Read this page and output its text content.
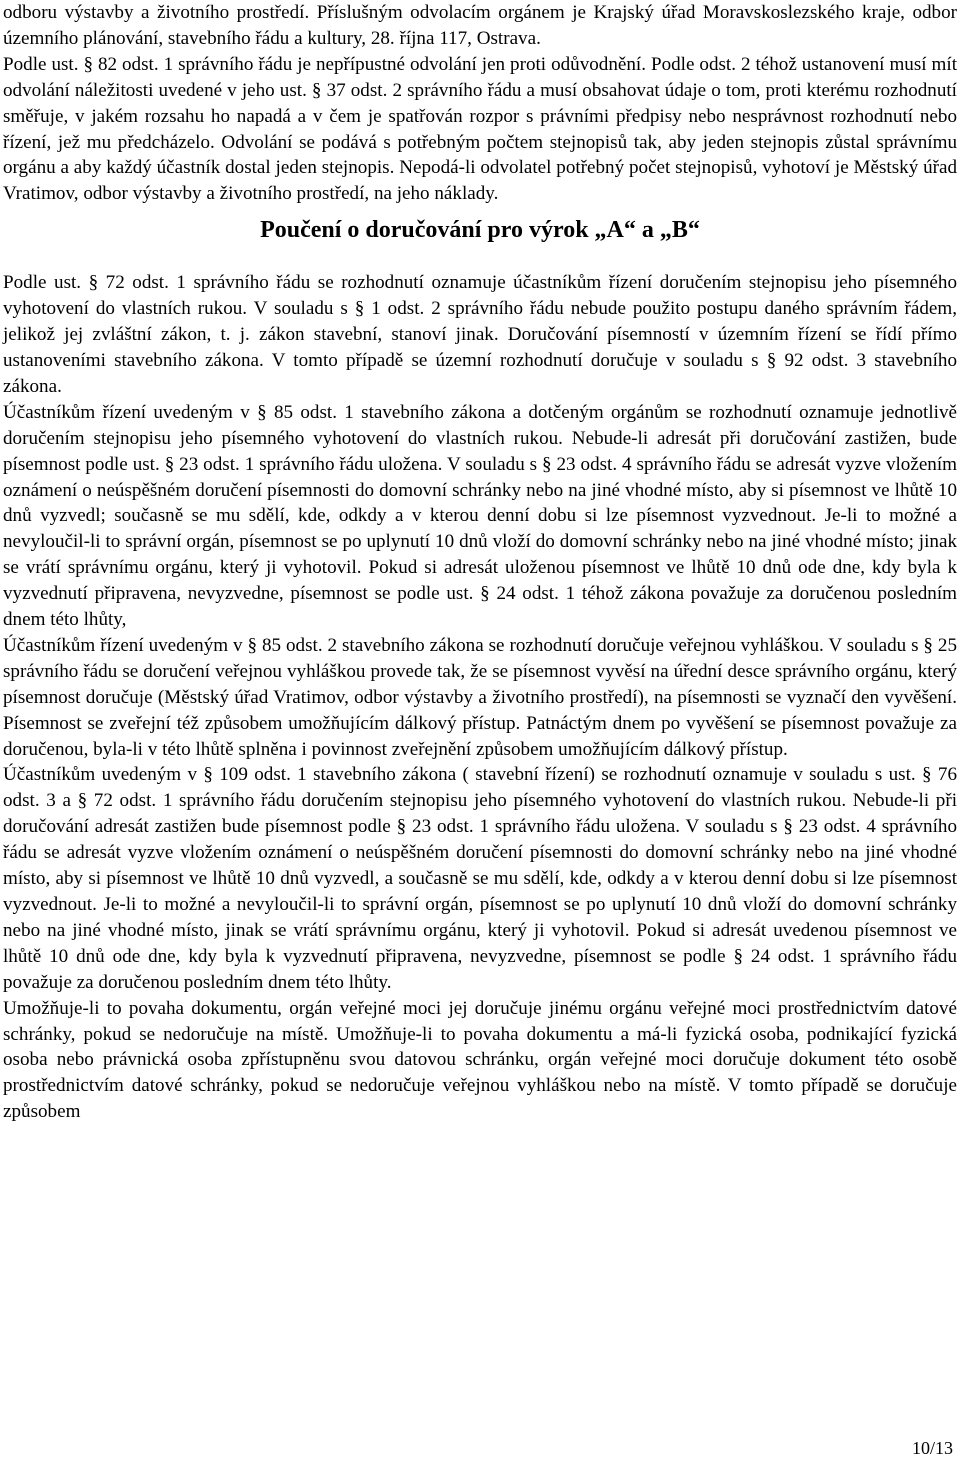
odboru výstavby a životního prostředí. Příslušným odvolacím orgánem je Krajský úřad Moravskoslezského kraje, odbor územního plánování, stavebního řádu a kultury, 28. října 117, Ostrava.

Podle ust. § 82 odst. 1 správního řádu je nepřípustné odvolání jen proti odůvodnění. Podle odst. 2 téhož ustanovení musí mít odvolání náležitosti uvedené v jeho ust. § 37 odst. 2 správního řádu a musí obsahovat údaje o tom, proti kterému rozhodnutí směřuje, v jakém rozsahu ho napadá a v čem je spatřován rozpor s právními předpisy nebo nesprávnost rozhodnutí nebo řízení, jež mu předcházelo. Odvolání se podává s potřebným počtem stejnopisů tak, aby jeden stejnopis zůstal správnímu orgánu a aby každý účastník dostal jeden stejnopis. Nepodá-li odvolatel potřebný počet stejnopisů, vyhotoví je Městský úřad Vratimov, odbor výstavby a životního prostředí, na jeho náklady.

Poučení o doručování pro výrok „A“ a „B“

Podle ust. § 72 odst. 1 správního řádu se rozhodnutí oznamuje účastníkům řízení doručením stejnopisu jeho písemného vyhotovení do vlastních rukou. V souladu s § 1 odst. 2 správního řádu nebude použito postupu daného správním řádem, jelikož jej zvláštní zákon, t. j. zákon stavební, stanoví jinak. Doručování písemností v územním řízení se řídí přímo ustanoveními stavebního zákona. V tomto případě se územní rozhodnutí doručuje v souladu s § 92 odst. 3 stavebního zákona.

Účastníkům řízení uvedeným v § 85 odst. 1 stavebního zákona a dotčeným orgánům se rozhodnutí oznamuje jednotlivě doručením stejnopisu jeho písemného vyhotovení do vlastních rukou. Nebude-li adresát při doručování zastižen, bude písemnost podle ust. § 23 odst. 1 správního řádu uložena. V souladu s § 23 odst. 4 správního řádu se adresát vyzve vložením oznámení o neúspěšném doručení písemnosti do domovní schránky nebo na jiné vhodné místo, aby si písemnost ve lhůtě 10 dnů vyzvedl; současně se mu sdělí, kde, odkdy a v kterou denní dobu si lze písemnost vyzvednout. Je-li to možné a nevyloučil-li to správní orgán, písemnost se po uplynutí 10 dnů vloží do domovní schránky nebo na jiné vhodné místo; jinak se vrátí správnímu orgánu, který ji vyhotovil. Pokud si adresát uloženou písemnost ve lhůtě 10 dnů ode dne, kdy byla k vyzvednutí připravena, nevyzvedne, písemnost se podle ust. § 24 odst. 1 téhož zákona považuje za doručenou posledním dnem této lhůty,

Účastníkům řízení uvedeným v § 85 odst. 2 stavebního zákona se rozhodnutí doručuje veřejnou vyhláškou. V souladu s § 25 správního řádu se doručení veřejnou vyhláškou provede tak, že se písemnost vyvěsí na úřední desce správního orgánu, který písemnost doručuje (Městský úřad Vratimov, odbor výstavby a životního prostředí), na písemnosti se vyznačí den vyvěšení. Písemnost se zveřejní též způsobem umožňujícím dálkový přístup. Patnáctým dnem po vyvěšení se písemnost považuje za doručenou, byla-li v této lhůtě splněna i povinnost zveřejnění způsobem umožňujícím dálkový přístup.

Účastníkům uvedeným v § 109 odst. 1 stavebního zákona ( stavební řízení) se rozhodnutí oznamuje v souladu s ust. § 76 odst. 3 a § 72 odst. 1 správního řádu doručením stejnopisu jeho písemného vyhotovení do vlastních rukou. Nebude-li při doručování adresát zastižen bude písemnost podle § 23 odst. 1 správního řádu uložena. V souladu s § 23 odst. 4 správního řádu se adresát vyzve vložením oznámení o neúspěšném doručení písemnosti do domovní schránky nebo na jiné vhodné místo, aby si písemnost ve lhůtě 10 dnů vyzvedl, a současně se mu sdělí, kde, odkdy a v kterou denní dobu si lze písemnost vyzvednout. Je-li to možné a nevyloučil-li to správní orgán, písemnost se po uplynutí 10 dnů vloží do domovní schránky nebo na jiné vhodné místo, jinak se vrátí správnímu orgánu, který ji vyhotovil. Pokud si adresát uvedenou písemnost ve lhůtě 10 dnů ode dne, kdy byla k vyzvednutí připravena, nevyzvedne, písemnost se podle § 24 odst. 1 správního řádu považuje za doručenou posledním dnem této lhůty.

Umožňuje-li to povaha dokumentu, orgán veřejné moci jej doručuje jinému orgánu veřejné moci prostřednictvím datové schránky, pokud se nedoručuje na místě. Umožňuje-li to povaha dokumentu a má-li fyzická osoba, podnikající fyzická osoba nebo právnická osoba zpřístupněnu svou datovou schránku, orgán veřejné moci doručuje dokument této osobě prostřednictvím datové schránky, pokud se nedoručuje veřejnou vyhláškou nebo na místě. V tomto případě se doručuje způsobem

10/13
